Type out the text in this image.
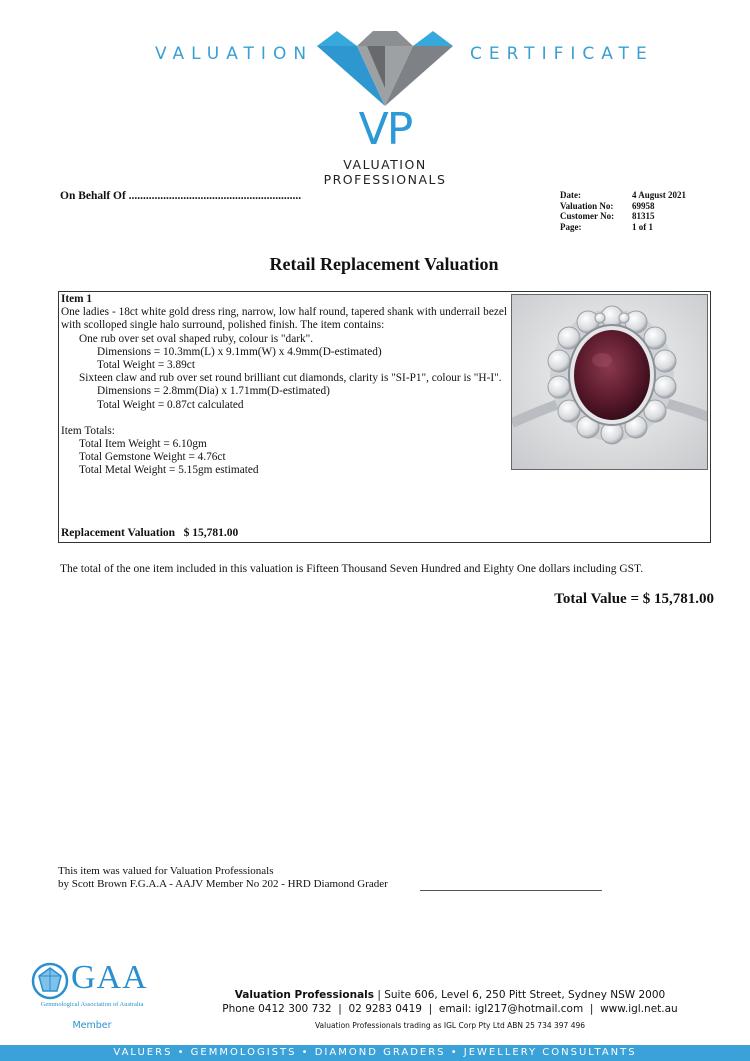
VALUATION	CERTIFICATE
VP
VALUATION
PROFESSIONALS
On Behalf Of ............................................................	Date:	4 August 2021
Valuation No:	69958
Customer No:	81315
Page:	1 of 1
Retail Replacement Valuation
Item 1
One ladies - 18ct white gold dress ring, narrow, low half round, tapered shank with underrail bezel with scolloped single halo surround, polished finish. The item contains:
One rub over set oval shaped ruby, colour is "dark".
Dimensions = 10.3mm(L) x 9.1mm(W) x 4.9mm(D-estimated)
Total Weight = 3.89ct
Sixteen claw and rub over set round brilliant cut diamonds, clarity is "SI-P1", colour is "H-I".
Dimensions = 2.8mm(Dia) x 1.71mm(D-estimated)
Total Weight = 0.87ct calculated
Item Totals:
Total Item Weight = 6.10gm
Total Gemstone Weight = 4.76ct
Total Metal Weight = 5.15gm estimated
Replacement Valuation   $ 15,781.00
The total of the one item included in this valuation is Fifteen Thousand Seven Hundred and Eighty One dollars including GST.
Total Value = $ 15,781.00
This item was valued for Valuation Professionals
by Scott Brown F.G.A.A - AAJV Member No 202 - HRD Diamond Grader
GAA
Gemmological Association of Australia
Member
Valuation Professionals | Suite 606, Level 6, 250 Pitt Street, Sydney NSW 2000
Phone 0412 300 732  |  02 9283 0419  |  email: igl217@hotmail.com  |  www.igl.net.au
Valuation Professionals trading as IGL Corp Pty Ltd ABN 25 734 397 496
VALUERS • GEMMOLOGISTS • DIAMOND GRADERS • JEWELLERY CONSULTANTS
